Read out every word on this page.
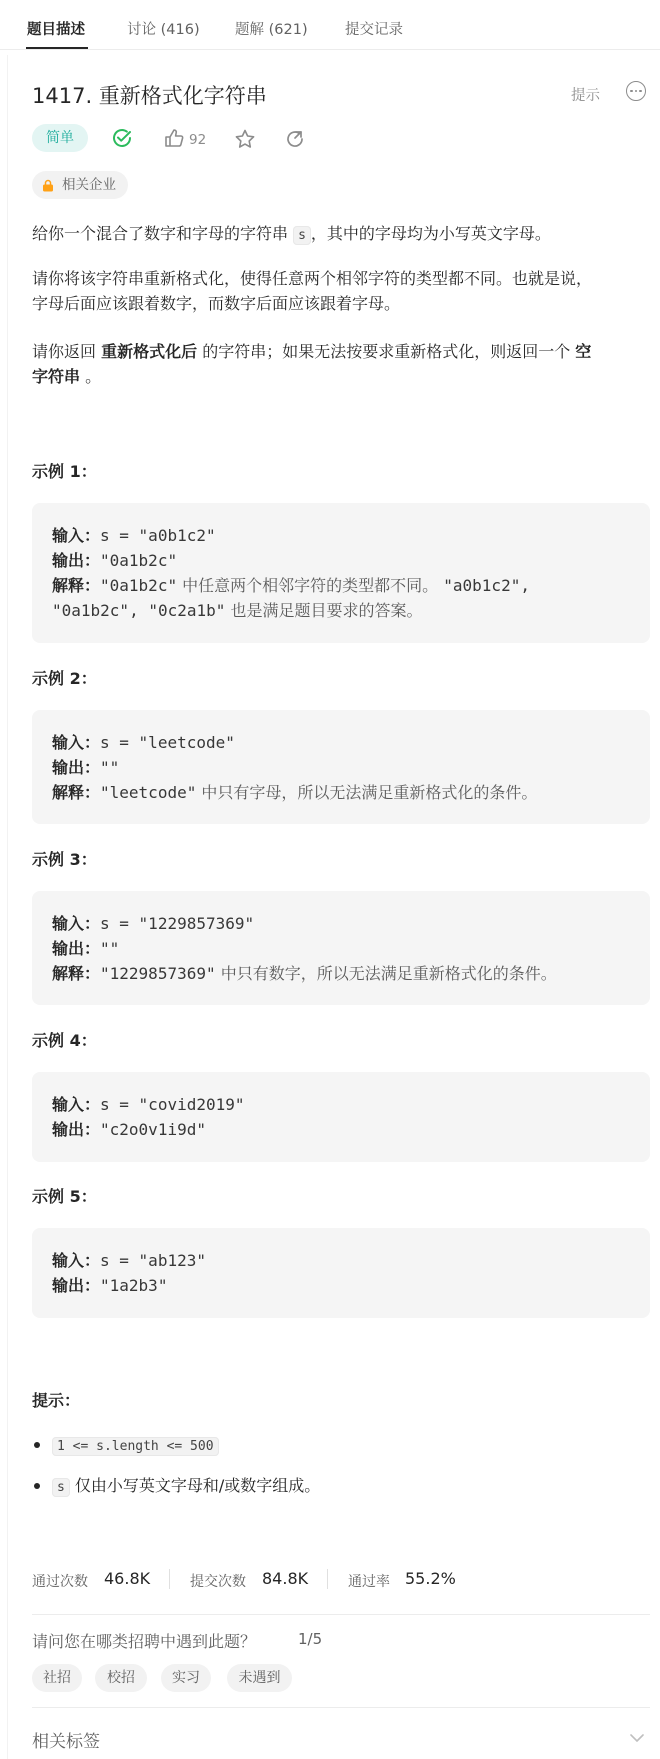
题目描述	讨论 (416) 题解 (621)	提交记录
1417. 重新格式化字符串	提示
简单	92
相关企业
给你一个混合了数字和字母的字符串 s ，其中的字母均为小写英文字母。
请你将该字符串重新格式化，使得任意两个相邻字符的类型都不同。也就是说，
字母后面应该跟着数字，而数字后面应该跟着字母。
请你返回 重新格式化后 的字符串；如果无法按要求重新格式化，则返回一个 空
字符串 。
示例 1：
输入：s = "a0b1c2"
输出："0a1b2c"
解释："0a1b2c" 中任意两个相邻字符的类型都不同。 "a0b1c2",
"0a1b2c", "0c2a1b" 也是满足题目要求的答案。
示例 2：
输入：s = "leetcode"
输出：""
解释："leetcode" 中只有字母，所以无法满足重新格式化的条件。
示例 3：
输入：s = "1229857369"
输出：""
解释："1229857369" 中只有数字，所以无法满足重新格式化的条件。
示例 4：
输入：s = "covid2019"
输出："c2o0v1i9d"
示例 5：
输入：s = "ab123"
输出："1a2b3"
提示：
1 <= s.length <= 500
s 仅由小写英文字母和/或数字组成。
通过次数 46.8K	提交次数 84.8K	通过率 55.2%
请问您在哪类招聘中遇到此题？	1/5
社招	校招	实习	未遇到
相关标签
